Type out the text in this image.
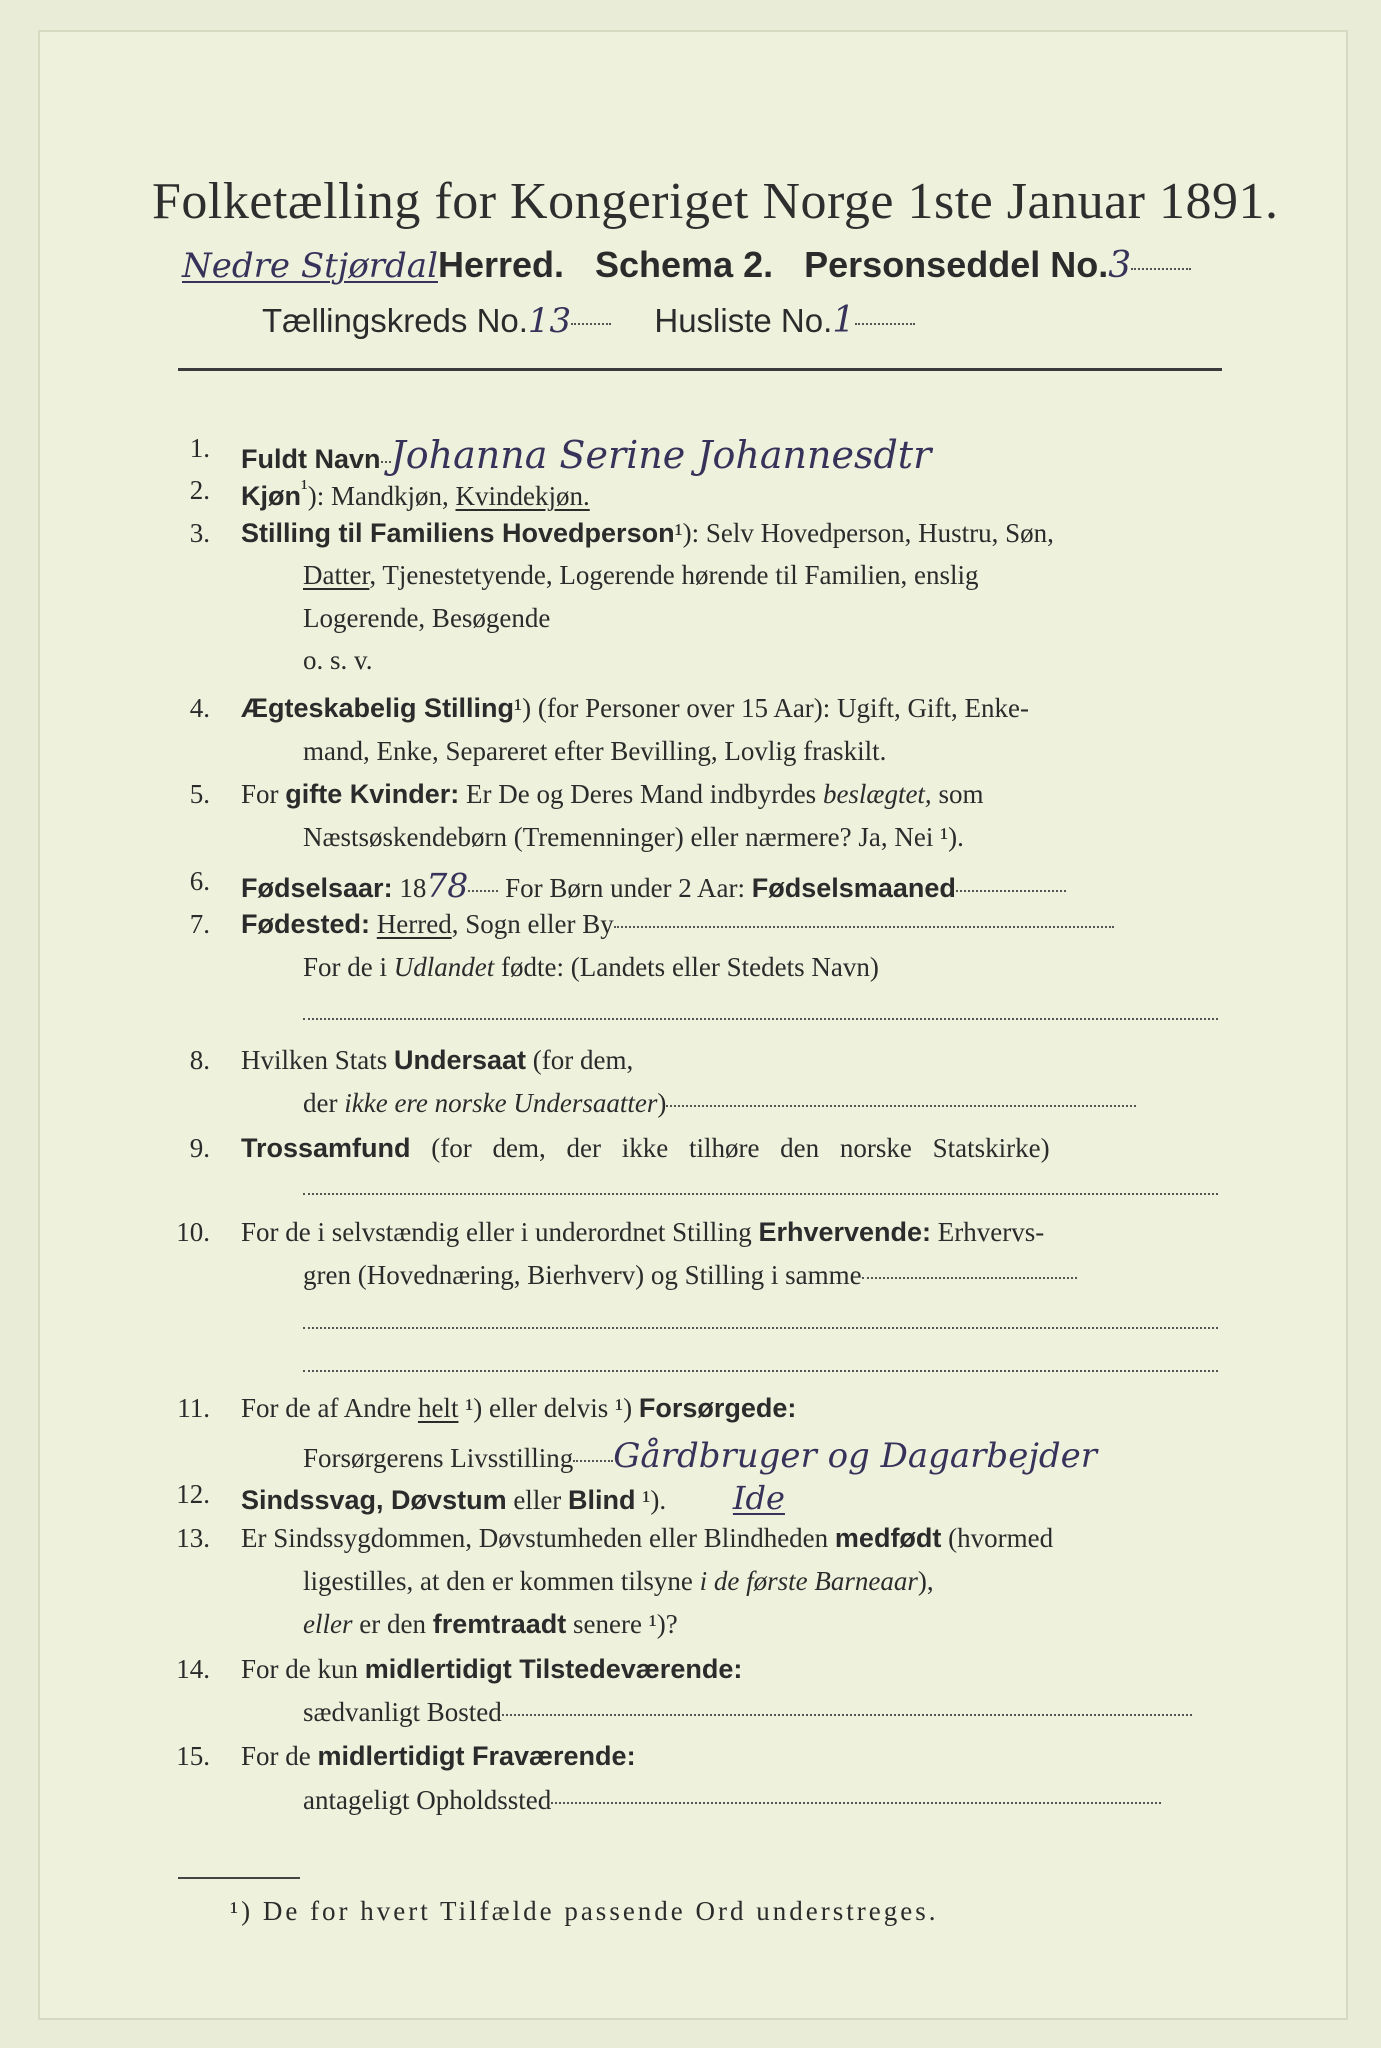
Folketælling for Kongeriget Norge 1ste Januar 1891.
Nedre StjørdalHerred. Schema 2. Personseddel No.3
Tællingskreds No.13	Husliste No.1
1. Fuldt Navn Johanna Serine Johannesdtr
2. Kjøn$^{^1}$): Mandkjøn, Kvindekjøn.
3. Stilling til Familiens Hovedperson¹): Selv Hovedperson, Hustru, Søn,
Datter, Tjenestetyende, Logerende hørende til Familien, enslig
Logerende, Besøgende
o. s. v.
4. Ægteskabelig Stilling¹) (for Personer over 15 Aar): Ugift, Gift, Enke-
mand, Enke, Separeret efter Bevilling, Lovlig fraskilt.
5. For gifte Kvinder: Er De og Deres Mand indbyrdes beslægtet, som
Næstsøskendebørn (Tremenninger) eller nærmere? Ja, Nei ¹).
6. Fødselsaar: 1878 For Børn under 2 Aar: Fødselsmaaned
7. Fødested: Herred, Sogn eller By
For de i Udlandet fødte: (Landets eller Stedets Navn)
8. Hvilken Stats Undersaat (for dem,
der ikke ere norske Undersaatter)
9. Trossamfund (for dem, der ikke tilhøre den norske Statskirke)
10. For de i selvstændig eller i underordnet Stilling Erhvervende: Erhvervs-
gren (Hovednæring, Bierhverv) og Stilling i samme
11. For de af Andre helt ¹) eller delvis ¹) Forsørgede:
Forsørgerens Livsstilling Gårdbruger og Dagarbejder
12. Sindssvag, Døvstum eller Blind ¹). Ide
13. Er Sindssygdommen, Døvstumheden eller Blindheden medfødt (hvormed
ligestilles, at den er kommen tilsyne i de første Barneaar),
eller er den fremtraadt senere ¹)?
14. For de kun midlertidigt Tilstedeværende:
sædvanligt Bosted
15. For de midlertidigt Fraværende:
antageligt Opholdssted
¹) De for hvert Tilfælde passende Ord understreges.
